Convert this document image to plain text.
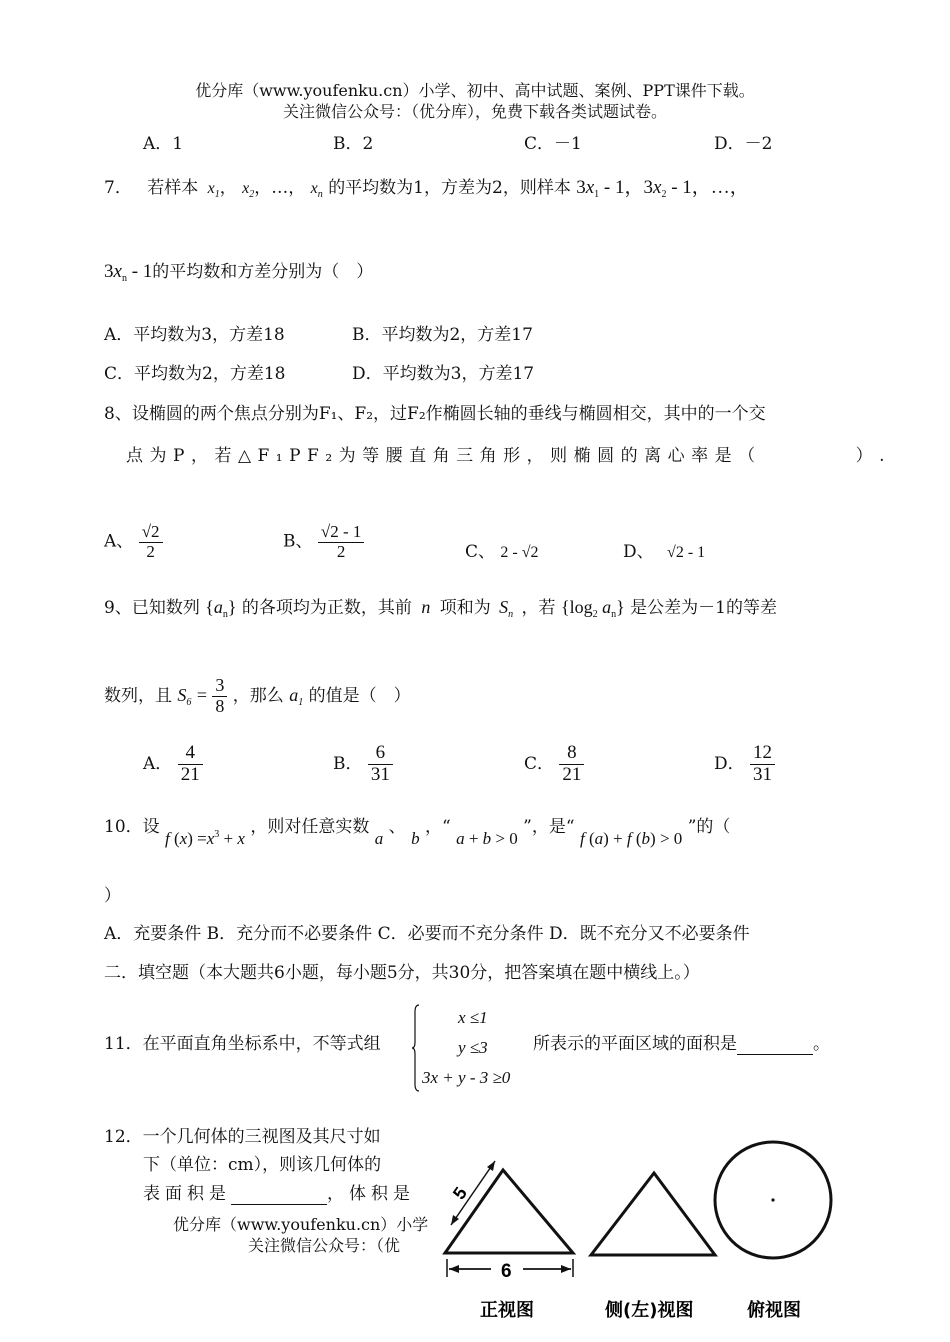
优分库（www.youfenku.cn）小学、初中、高中试题、案例、PPT课件下载。
关注微信公众号：（优分库），免费下载各类试题试卷。
A．1	B．2	C．－1	D．－2
7． 若样本 $x_1$， $x_2$，…， $x_n$ 的平均数为1，方差为2，则样本 $3x_1 - 1$，$3x_2 - 1$，…，
$3x_n - 1$的平均数和方差分别为（　）
A．平均数为3，方差18	B．平均数为2，方差17
C．平均数为2，方差18	D．平均数为3，方差17
8、设椭圆的两个焦点分别为F₁、F₂，过F₂作椭圆长轴的垂线与椭圆相交，其中的一个交
点为P，若△F₁PF₂为等腰直角三角形，则椭圆的离心率是（　　　　）.
A、 $\frac{√2}{2}$	B、 $\frac{√2 - 1}{2}$	C、 2 - √2	D、 √2 - 1
9、已知数列 $\{a_n\}$ 的各项均为正数，其前 n 项和为 $S_n$ ，若 {$\log_2$ $a_n$} 是公差为－1的等差
数列，且 $S_6 = \frac{3}{8}$ ，那么 $a_1$ 的值是（　）
A． $\frac{4}{21}$	B． $\frac{6}{31}$	C． $\frac{8}{21}$	D． $\frac{12}{31}$
10．设 f $(x) =x^3 + x$ ，则对任意实数 a 、 b ，“ a + b > 0 ”，是“ f (a) + f (b) > 0 ”的（
）
A．充要条件 B．充分而不必要条件 C．必要而不充分条件 D．既不充分又不必要条件
二．填空题（本大题共6小题，每小题5分，共30分，把答案填在题中横线上。）
11．在平面直角坐标系中，不等式组
x ≤1
y ≤3
3x + y - 3 ≥0
所表示的平面区域的面积是	。
12．一个几何体的三视图及其尺寸如
下（单位：cm），则该几何体的
表面积是	，体积是
优分库（www.youfenku.cn）小学
关注微信公众号：（优
5
6
正视图	侧(左)视图	俯视图
